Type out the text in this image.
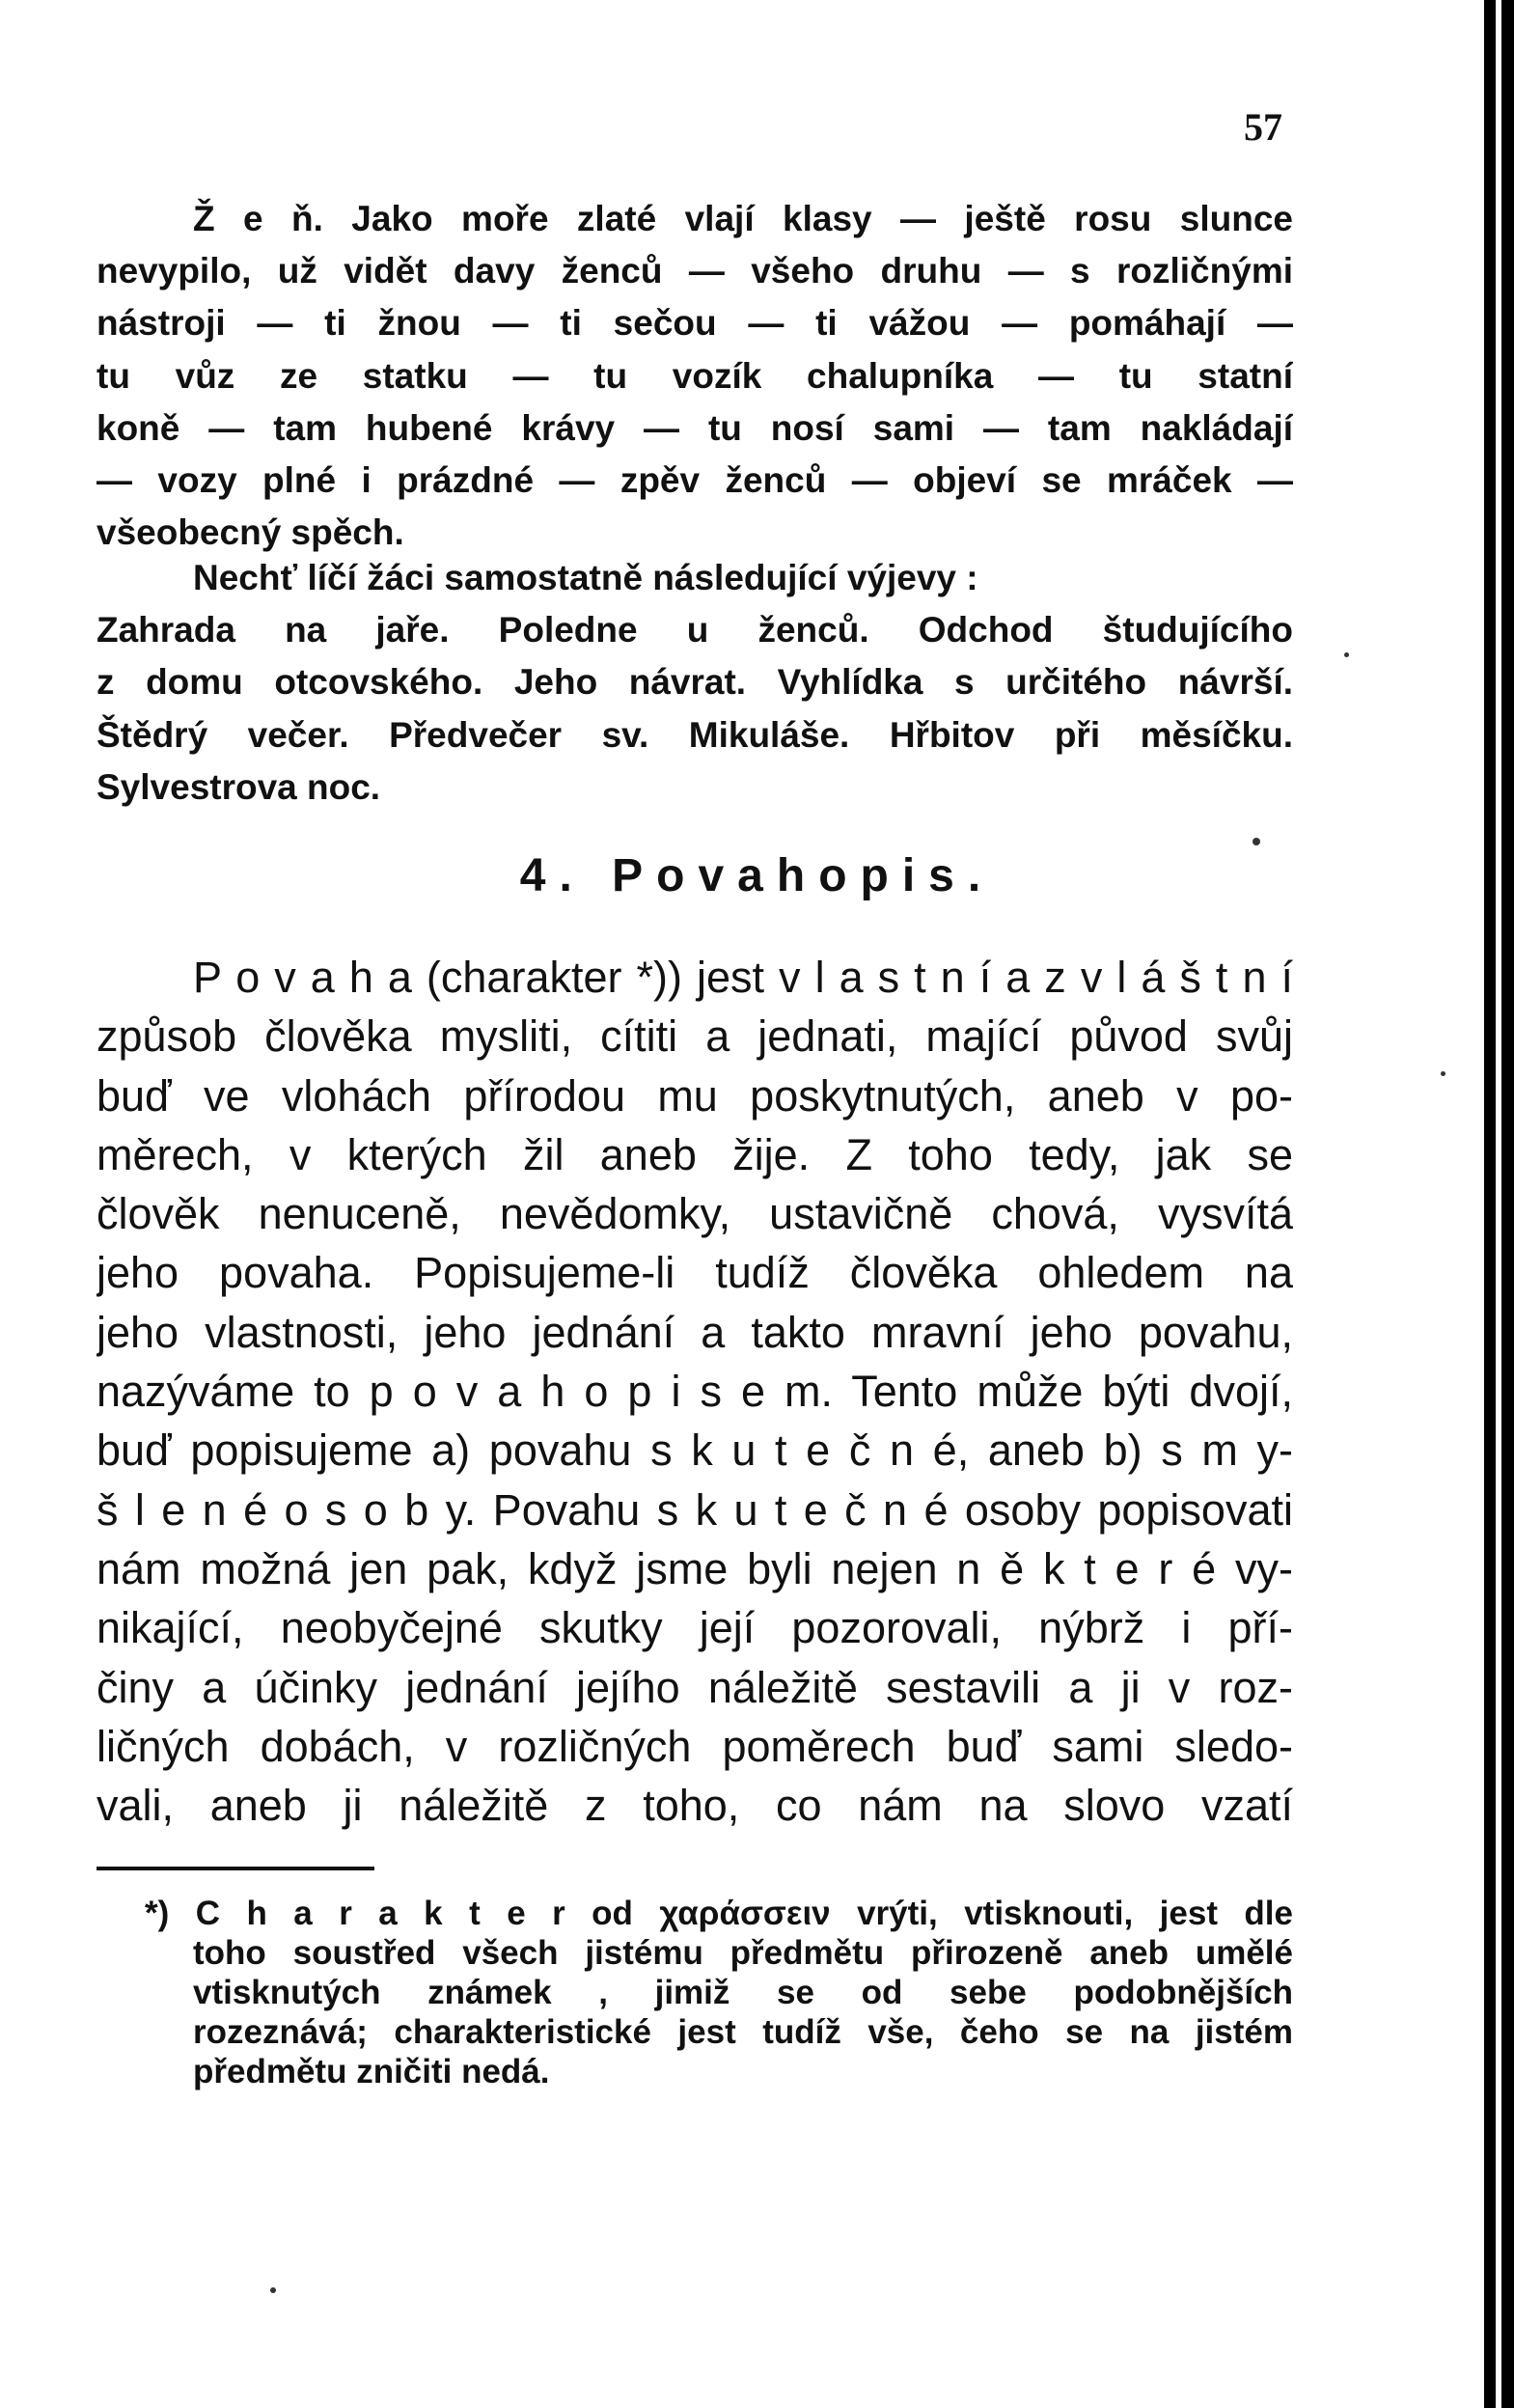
57
Ž e ň. Jako moře zlaté vlají klasy — ještě rosu slunce
nevypilo, už vidět davy ženců — všeho druhu — s rozličnými
nástroji — ti žnou — ti sečou — ti vážou — pomáhají —
tu vůz ze statku — tu vozík chalupníka — tu statní
koně — tam hubené krávy — tu nosí sami — tam nakládají
— vozy plné i prázdné — zpěv ženců — objeví se mráček —
všeobecný spěch.
Nechť líčí žáci samostatně následující výjevy :
Zahrada na jaře. Poledne u ženců. Odchod študujícího
z domu otcovského. Jeho návrat. Vyhlídka s určitého návrší.
Štědrý večer. Předvečer sv. Mikuláše. Hřbitov při měsíčku.
Sylvestrova noc.
4. Povahopis.
P o v a h a (charakter *)) jest v l a s t n í a z v l á š t n í
způsob člověka mysliti, cítiti a jednati, mající původ svůj
buď ve vlohách přírodou mu poskytnutých, aneb v po-
měrech, v kterých žil aneb žije. Z toho tedy, jak se
člověk nenuceně, nevědomky, ustavičně chová, vysvítá
jeho povaha. Popisujeme-li tudíž člověka ohledem na
jeho vlastnosti, jeho jednání a takto mravní jeho povahu,
nazýváme to p o v a h o p i s e m. Tento může býti dvojí,
buď popisujeme a) povahu s k u t e č n é, aneb b) s m y-
š l e n é o s o b y. Povahu s k u t e č n é osoby popisovati
nám možná jen pak, když jsme byli nejen n ě k t e r é vy-
nikající, neobyčejné skutky její pozorovali, nýbrž i pří-
činy a účinky jednání jejího náležitě sestavili a ji v roz-
ličných dobách, v rozličných poměrech buď sami sledo-
vali, aneb ji náležitě z toho, co nám na slovo vzatí
*) C h a r a k t e r od χαράσσειν vrýti, vtisknouti, jest dle
toho soustřed všech jistému předmětu přirozeně aneb umělé
vtisknutých známek , jimiž se od sebe podobnějších
rozeznává; charakteristické jest tudíž vše, čeho se na jistém
předmětu zničiti nedá.
